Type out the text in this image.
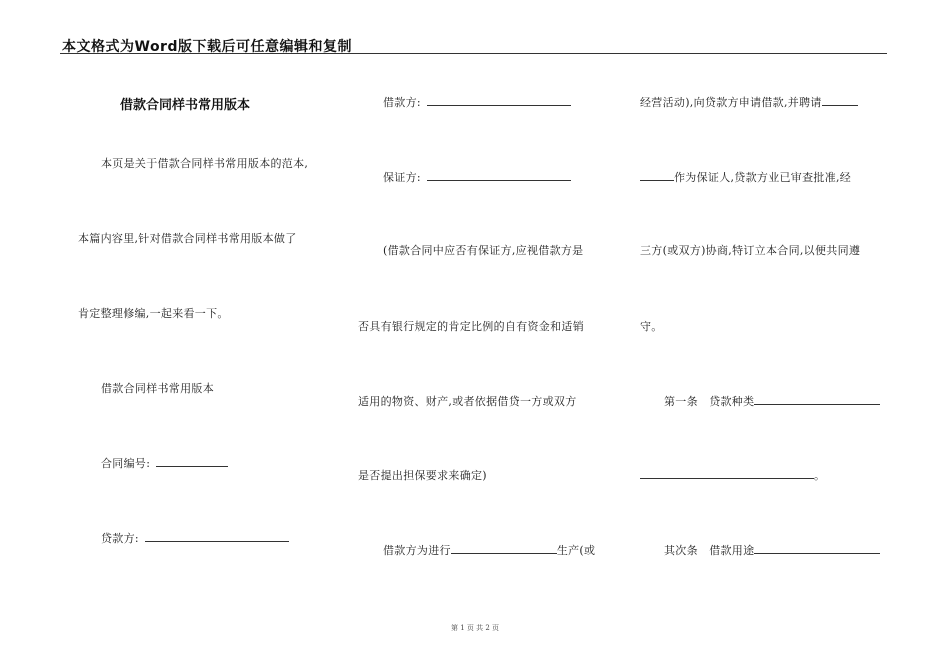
本文格式为Word版下载后可任意编辑和复制
借款合同样书常用版本
本页是关于借款合同样书常用版本的范本,
本篇内容里,针对借款合同样书常用版本做了
肯定整理修编,一起来看一下。
借款合同样书常用版本
合同编号:
贷款方:
借款方:
保证方:
(借款合同中应否有保证方,应视借款方是
否具有银行规定的肯定比例的自有资金和适销
适用的物资、财产,或者依据借贷一方或双方
是否提出担保要求来确定)
借款方为进行	生产(或
经营活动),向贷款方申请借款,并聘请
作为保证人,贷款方业已审查批准,经
三方(或双方)协商,特订立本合同,以便共同遵
守。
第一条　贷款种类
。
其次条　借款用途
第 1 页 共 2 页
